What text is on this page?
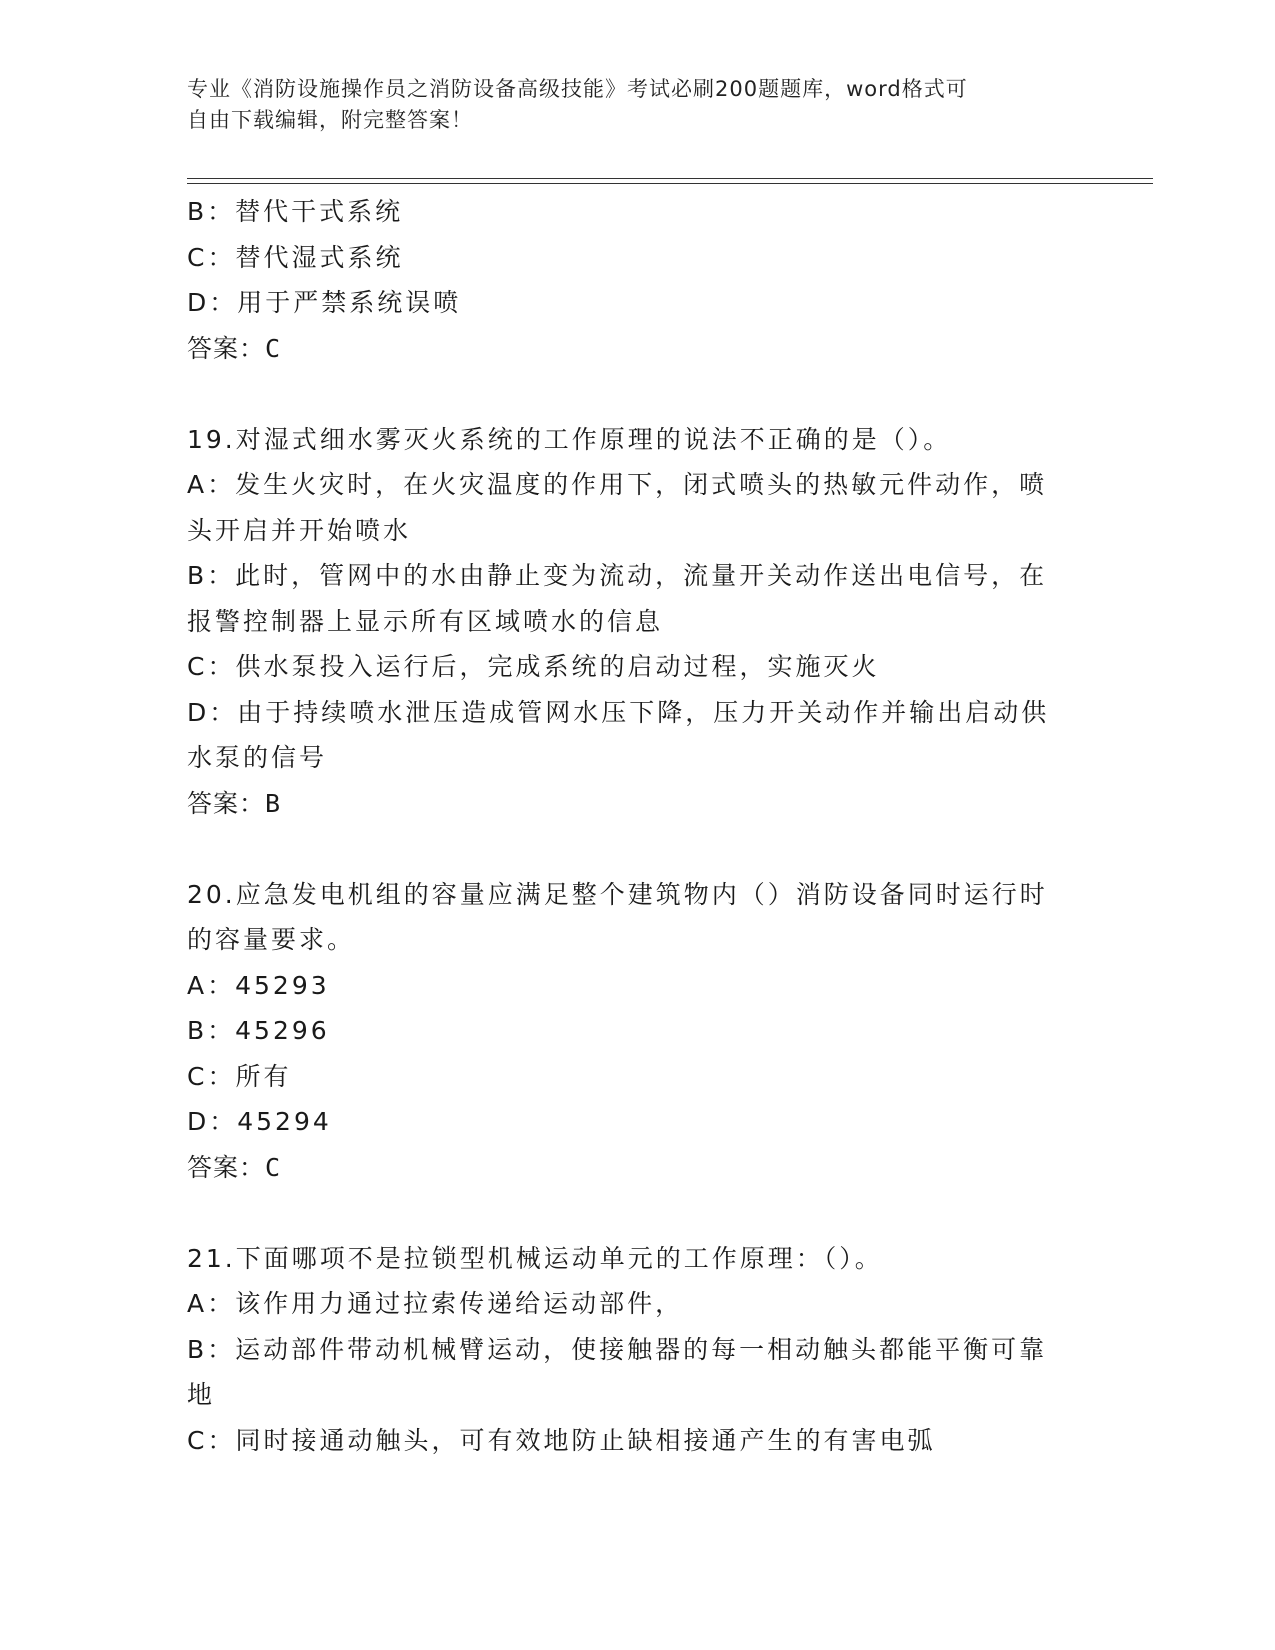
专业《消防设施操作员之消防设备高级技能》考试必刷200题题库，word格式可
自由下载编辑，附完整答案！
B：替代干式系统
C：替代湿式系统
D：用于严禁系统误喷
答案：C
19.对湿式细水雾灭火系统的工作原理的说法不正确的是（）。
A：发生火灾时，在火灾温度的作用下，闭式喷头的热敏元件动作，喷
头开启并开始喷水
B：此时，管网中的水由静止变为流动，流量开关动作送出电信号，在
报警控制器上显示所有区域喷水的信息
C：供水泵投入运行后，完成系统的启动过程，实施灭火
D：由于持续喷水泄压造成管网水压下降，压力开关动作并输出启动供
水泵的信号
答案：B
20.应急发电机组的容量应满足整个建筑物内（）消防设备同时运行时
的容量要求。
A：45293
B：45296
C：所有
D：45294
答案：C
21.下面哪项不是拉锁型机械运动单元的工作原理：（）。
A：该作用力通过拉索传递给运动部件，
B：运动部件带动机械臂运动，使接触器的每一相动触头都能平衡可靠
地
C：同时接通动触头，可有效地防止缺相接通产生的有害电弧
